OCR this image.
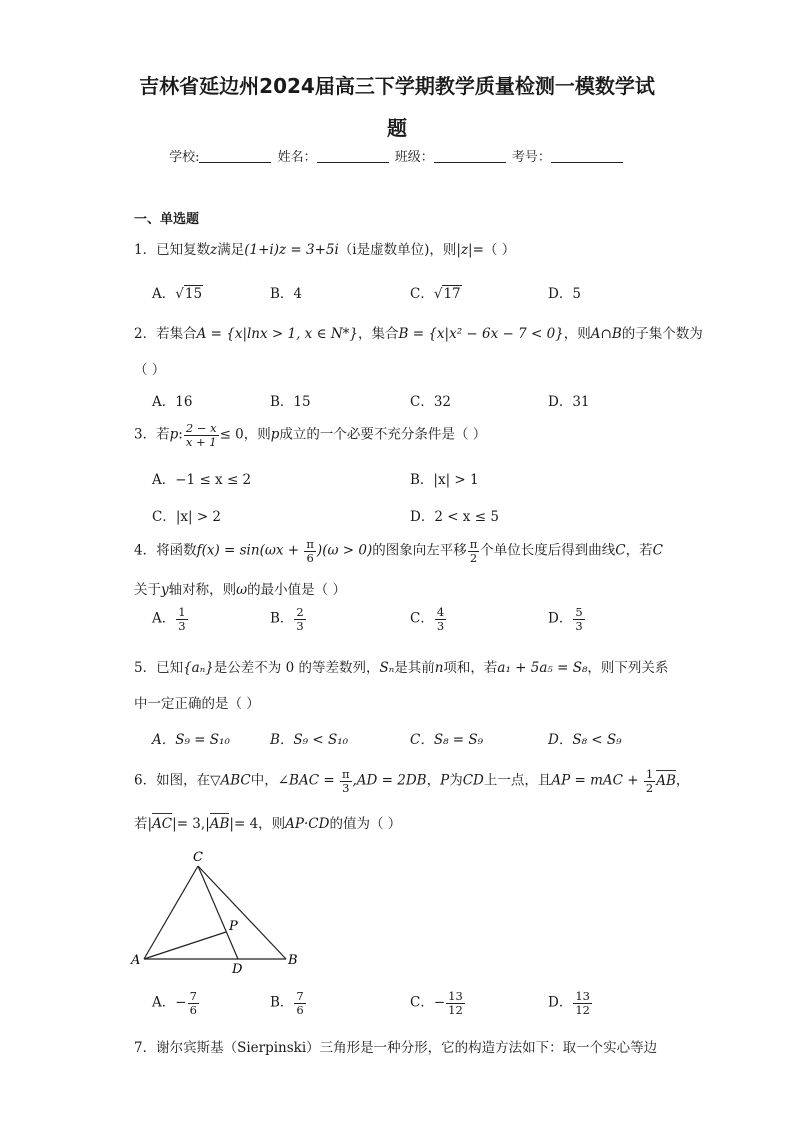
吉林省延边州2024届高三下学期教学质量检测一模数学试
题
学校:	姓名：	班级：	考号：
一、单选题
1．已知复数z满足(1+i)z = 3+5i（i是虚数单位)，则|z|=（ ）
A．√15	B．4	C．√17	D．5
2．若集合A = {x|lnx > 1, x ∈ N*}，集合B = {x|x² − 6x − 7 < 0}，则A∩B的子集个数为
（ ）
A．16	B．15	C．32	D．31
3．若p: $\frac{2 - x}{x + 1} \le 0$，则p成立的一个必要不充分条件是（ ）
A．−1 ≤ x ≤ 2	B．|x| > 1
C．|x| > 2	D．2 < x ≤ 5
4．将函数$f(x) = \sin(\omega x + \frac{\pi}{6} )(\omega > 0)$的图象向左平移 $\frac{\pi}{2}$ 个单位长度后得到曲线C，若C
关于y轴对称，则ω的最小值是（ ）
A． $\frac{1}{3}$	B． $\frac{2}{3}$	C． $\frac{4}{3}$	D． $\frac{5}{3}$
5．已知{aₙ}是公差不为 0 的等差数列，Sₙ是其前n项和，若a₁ + 5a₅ = S₈，则下列关系
中一定正确的是（ ）
A．S₉ = S₁₀	B．S₉ < S₁₀	C．S₈ = S₉	D．S₈ < S₉
6．如图，在▽ABC中，∠BAC = $\frac{\pi}{3} ,AD = 2DB$，P为CD上一点，且AP = mAC + $\frac{1}{2}$ AB，
若|AC|= 3,|AB|= 4，则AP·CD的值为（ ）
C
A	B
D
P
A．− $\frac{7}{6}$	B． $\frac{7}{6}$	C．− $\frac{13}{12}$	D． $\frac{13}{12}$
7．谢尔宾斯基（Sierpinski）三角形是一种分形，它的构造方法如下：取一个实心等边
